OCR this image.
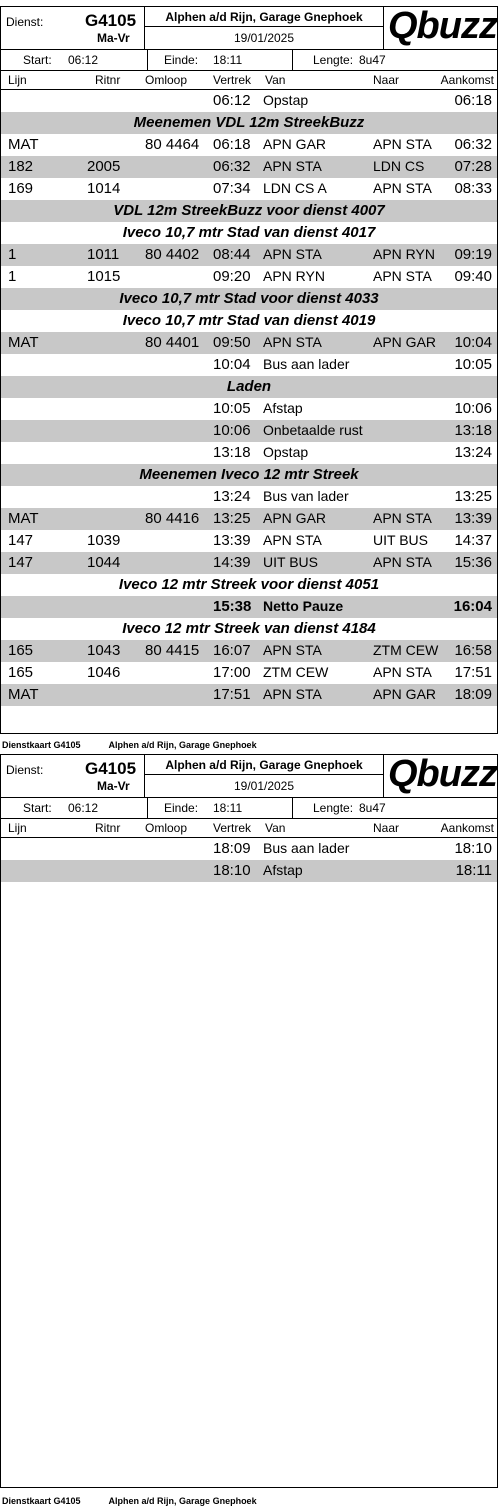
Dienst: G4105
Ma-Vr
Alphen a/d Rijn, Garage Gnephoek
19/01/2025	Qbuzz
Start: 06:12	Einde: 18:11	Lengte: 8u47
Lijn	Ritnr Omloop Vertrek Van	Naar	Aankomst
06:12 Opstap	06:18
Meenemen VDL 12m StreekBuzz
MAT	80 4464 06:18 APN GAR	APN STA 06:32
182	2005	06:32 APN STA	LDN CS 07:28
169	1014	07:34 LDN CS A	APN STA 08:33
VDL 12m StreekBuzz voor dienst 4007
Iveco 10,7 mtr Stad van dienst 4017
1	1011 80 4402 08:44 APN STA	APN RYN 09:19
1	1015	09:20 APN RYN	APN STA 09:40
Iveco 10,7 mtr Stad voor dienst 4033
Iveco 10,7 mtr Stad van dienst 4019
MAT	80 4401 09:50 APN STA	APN GAR 10:04
10:04 Bus aan lader	10:05
Laden
10:05 Afstap	10:06
10:06 Onbetaalde rust	13:18
13:18 Opstap	13:24
Meenemen Iveco 12 mtr Streek
13:24 Bus van lader	13:25
MAT	80 4416 13:25 APN GAR	APN STA 13:39
147	1039	13:39 APN STA	UIT BUS 14:37
147	1044	14:39 UIT BUS	APN STA 15:36
Iveco 12 mtr Streek voor dienst 4051
15:38 Netto Pauze	16:04
Iveco 12 mtr Streek van dienst 4184
165	1043 80 4415 16:07 APN STA	ZTM CEW 16:58
165	1046	17:00 ZTM CEW	APN STA 17:51
MAT	17:51 APN STA	APN GAR 18:09
Dienstkaart G4105	Alphen a/d Rijn, Garage Gnephoek
Dienst: G4105
Ma-Vr
Alphen a/d Rijn, Garage Gnephoek
19/01/2025	Qbuzz
Start: 06:12	Einde: 18:11	Lengte: 8u47
Lijn	Ritnr Omloop Vertrek Van	Naar	Aankomst
18:09 Bus aan lader	18:10
18:10 Afstap	18:11
Dienstkaart G4105	Alphen a/d Rijn, Garage Gnephoek
